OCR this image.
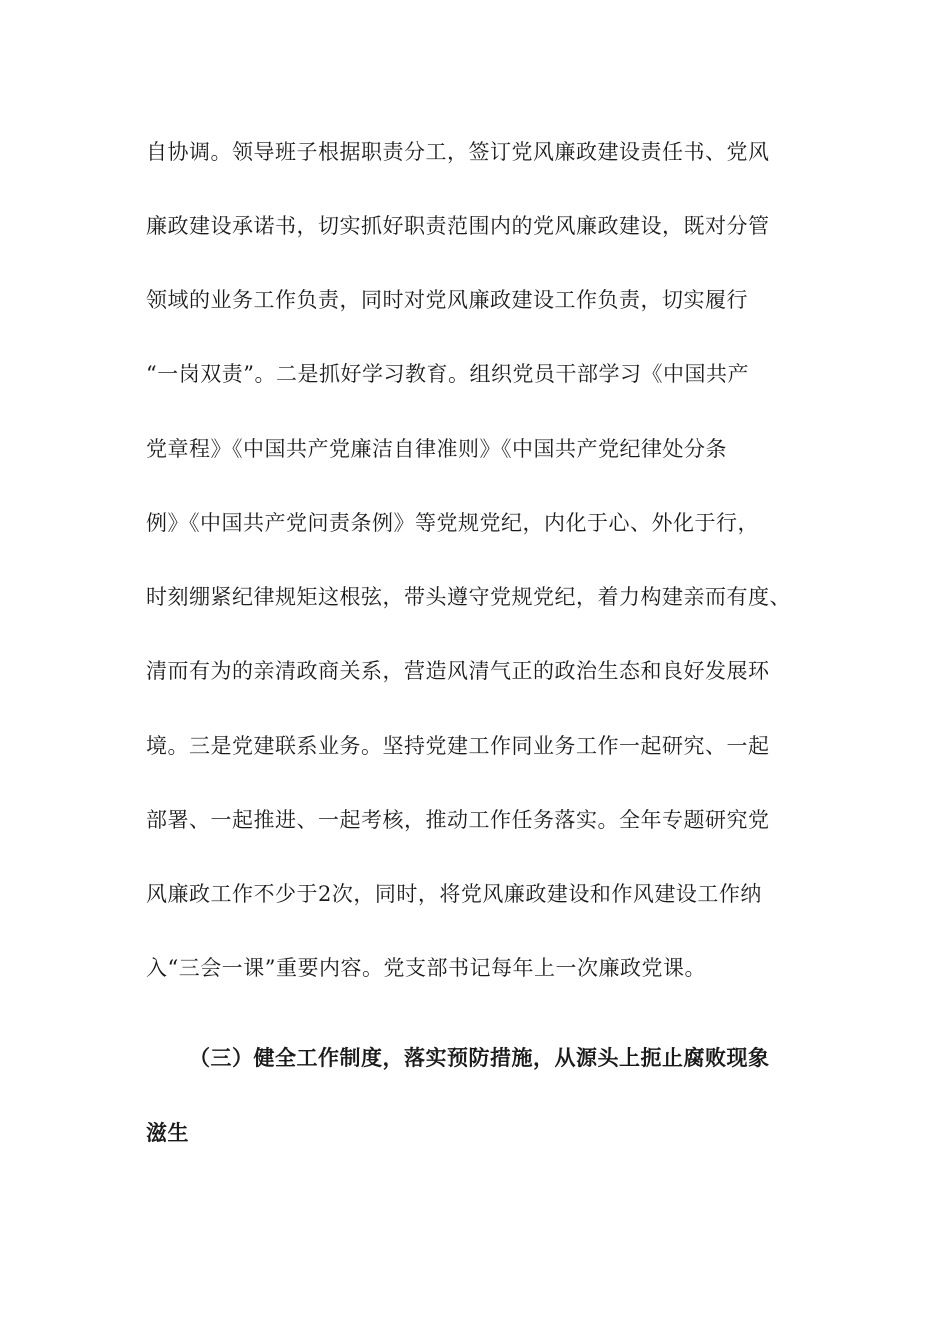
自协调。领导班子根据职责分工，签订党风廉政建设责任书、党风
廉政建设承诺书，切实抓好职责范围内的党风廉政建设，既对分管
领域的业务工作负责，同时对党风廉政建设工作负责，切实履行
“一岗双责”。二是抓好学习教育。组织党员干部学习《中国共产
党章程》《中国共产党廉洁自律准则》《中国共产党纪律处分条
例》《中国共产党问责条例》等党规党纪，内化于心、外化于行，
时刻绷紧纪律规矩这根弦，带头遵守党规党纪，着力构建亲而有度、
清而有为的亲清政商关系，营造风清气正的政治生态和良好发展环
境。三是党建联系业务。坚持党建工作同业务工作一起研究、一起
部署、一起推进、一起考核，推动工作任务落实。全年专题研究党
风廉政工作不少于2次，同时，将党风廉政建设和作风建设工作纳
入“三会一课”重要内容。党支部书记每年上一次廉政党课。
（三）健全工作制度，落实预防措施，从源头上扼止腐败现象
滋生
